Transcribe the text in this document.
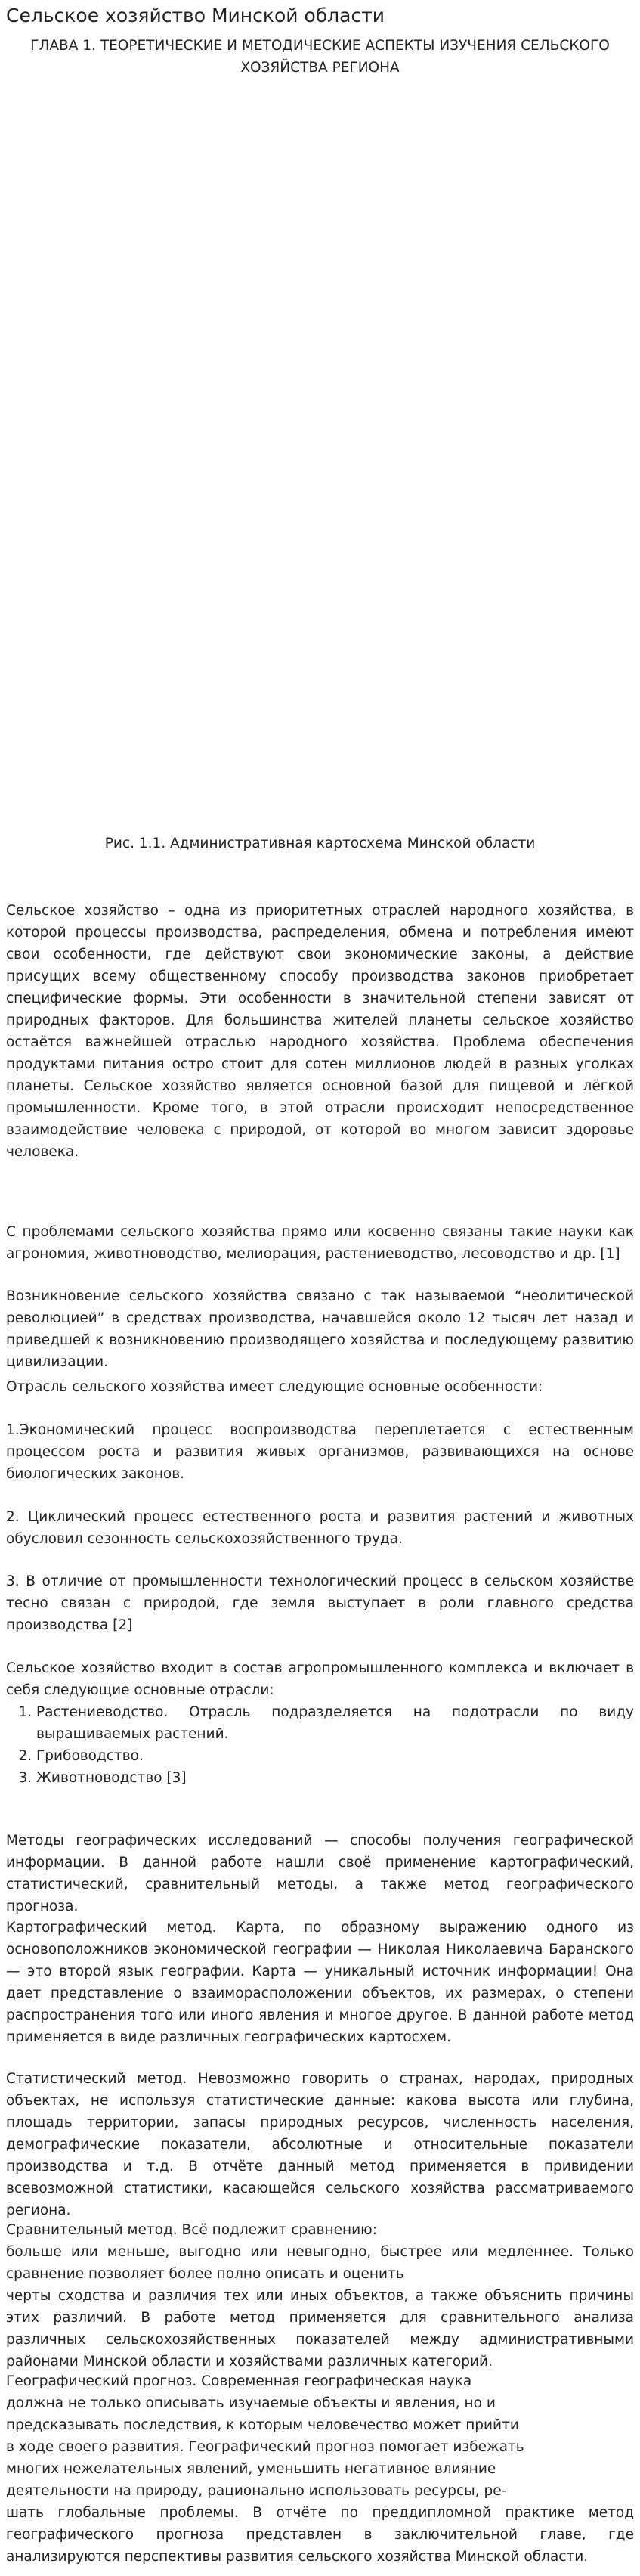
Сельское хозяйство Минской области
ГЛАВА 1. ТЕОРЕТИЧЕСКИЕ И МЕТОДИЧЕСКИЕ АСПЕКТЫ ИЗУЧЕНИЯ СЕЛЬСКОГО ХОЗЯЙСТВА РЕГИОНА
Рис. 1.1. Административная картосхема Минской области

Сельское хозяйство – одна из приоритетных отраслей народного хозяйства, в которой процессы производства, распределения, обмена и потребления имеют свои особенности, где действуют свои экономические законы, а действие присущих всему общественному способу производства законов приобретает специфические формы. Эти особенности в значительной степени зависят от природных факторов. Для большинства жителей планеты сельское хозяйство остаётся важнейшей отраслью народного хозяйства. Проблема обеспечения продуктами питания остро стоит для сотен миллионов людей в разных уголках планеты. Сельское хозяйство является основной базой для пищевой и лёгкой промышленности. Кроме того, в этой отрасли происходит непосредственное взаимодействие человека с природой, от которой во многом зависит здоровье человека.

С проблемами сельского хозяйства прямо или косвенно связаны такие науки как агрономия, животноводство, мелиорация, растениеводство, лесоводство и др. [1]

Возникновение сельского хозяйства связано с так называемой “неолитической революцией” в средствах производства, начавшейся около 12 тысяч лет назад и приведшей к возникновению производящего хозяйства и последующему развитию цивилизации.

Отрасль сельского хозяйства имеет следующие основные особенности:

1.Экономический процесс воспроизводства переплетается с естественным процессом роста и развития живых организмов, развивающихся на основе биологических законов.

2. Циклический процесс естественного роста и развития растений и животных обусловил сезонность сельскохозяйственного труда.

3. В отличие от промышленности технологический процесс в сельском хозяйстве тесно связан с природой, где земля выступает в роли главного средства производства [2]

Сельское хозяйство входит в состав агропромышленного комплекса и включает в себя следующие основные отрасли:

1. Растениеводство. Отрасль подразделяется на подотрасли по виду выращиваемых растений.
2. Грибоводство.
3. Животноводство [3]

Методы географических исследований — способы получения географической информации. В данной работе нашли своё применение картографический, статистический, сравнительный методы, а также метод географического прогноза.

Картографический метод. Карта, по образному выражению одного из основоположников экономической географии — Николая Николаевича Баранского — это второй язык географии. Карта — уникальный источник информации! Она дает представление о взаиморасположении объектов, их размерах, о степени распространения того или иного явления и многое другое. В данной работе метод применяется в виде различных географических картосхем.

Статистический метод. Невозможно говорить о странах, народах, природных объектах, не используя статистические данные: какова высота или глубина, площадь территории, запасы природных ресурсов, численность населения, демографические показатели, абсолютные и относительные показатели производства и т.д. В отчёте данный метод применяется в привидении всевозможной статистики, касающейся сельского хозяйства рассматриваемого региона.

Сравнительный метод. Всё подлежит сравнению:

больше или меньше, выгодно или невыгодно, быстрее или медленнее. Только сравнение позволяет более полно описать и оценить

черты сходства и различия тех или иных объектов, а также объяснить причины этих различий. В работе метод применяется для сравнительного анализа различных сельскохозяйственных показателей между административными районами Минской области и хозяйствами различных категорий.

Географический прогноз. Современная географическая наука

должна не только описывать изучаемые объекты и явления, но и

предсказывать последствия, к которым человечество может прийти

в ходе своего развития. Географический прогноз помогает избежать

многих нежелательных явлений, уменьшить негативное влияние

деятельности на природу, рационально использовать ресурсы, ре-

шать глобальные проблемы. В отчёте по преддипломной практике метод географического прогноза представлен в заключительной главе, где анализируются перспективы развития сельского хозяйства Минской области.
